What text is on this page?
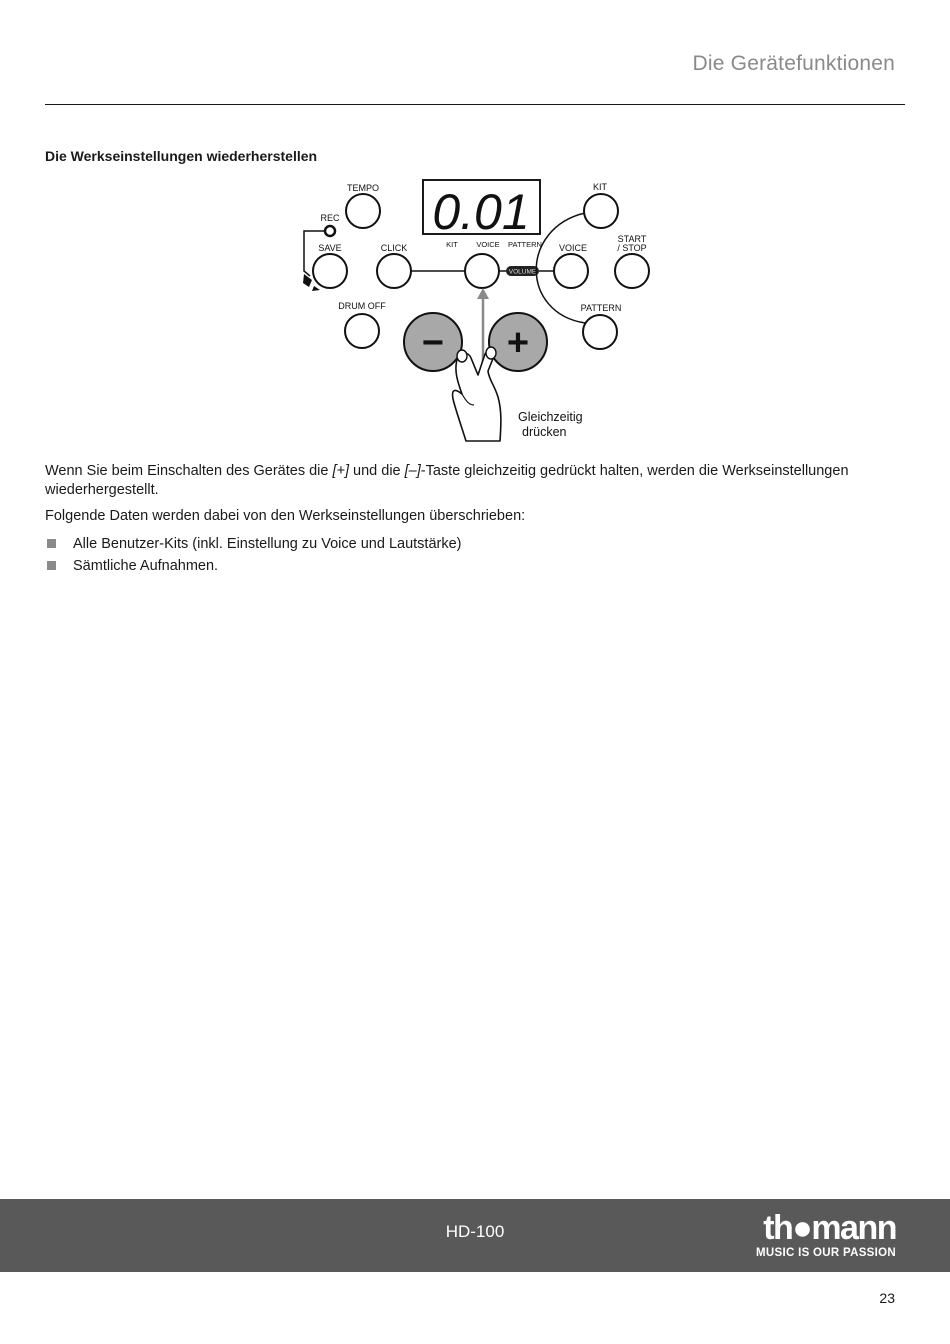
Die Gerätefunktionen
Die Werkseinstellungen wiederherstellen
0.01
KIT VOICE PATTERN
TEMPO
REC
SAVE	CLICK
VOLUME
VOICE
KIT
START
/ STOP
PATTERN
DRUM OFF
− +
Gleichzeitig
drücken

Wenn Sie beim Einschalten des Gerätes die [+] und die [–]-Taste gleichzeitig gedrückt halten, werden die Werkseinstellungen wiederhergestellt.

Folgende Daten werden dabei von den Werkseinstellungen überschrieben:

Alle Benutzer-Kits (inkl. Einstellung zu Voice und Lautstärke)
Sämtliche Aufnahmen.
HD-100	th●mann
MUSIC IS OUR PASSION
23
